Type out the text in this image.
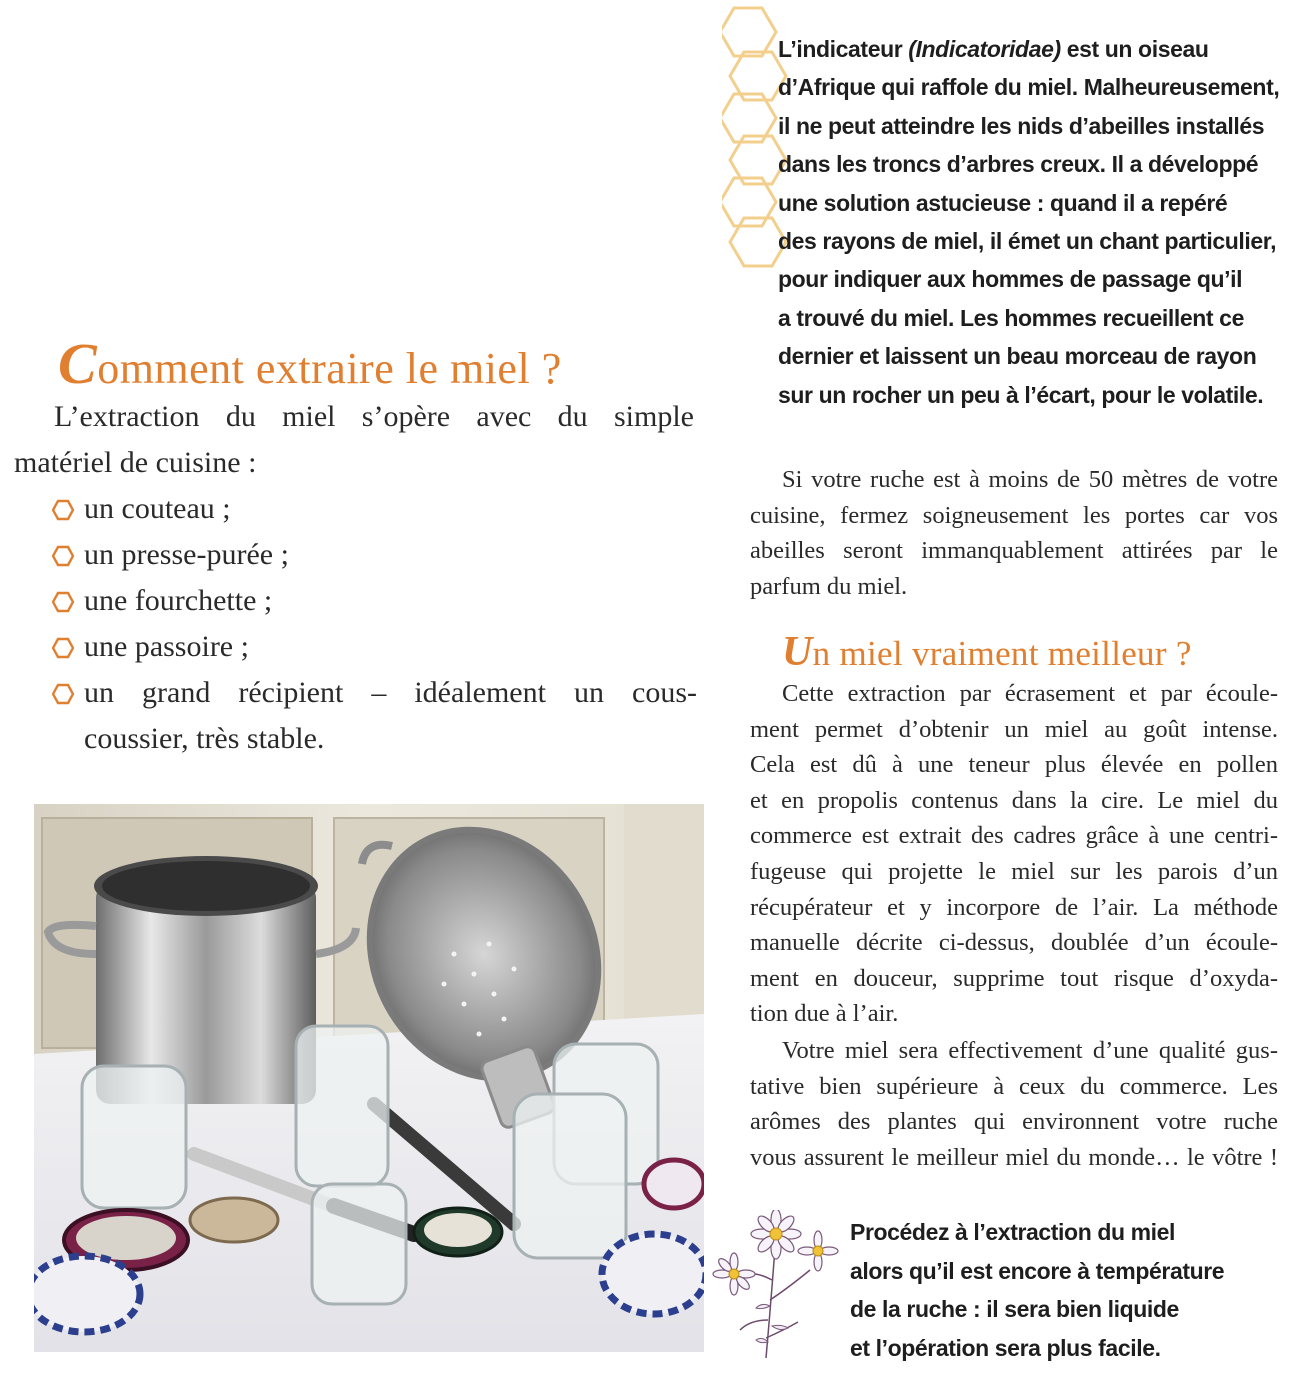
L’indicateur (Indicatoridae) est un oiseau
d’Afrique qui raffole du miel. Malheureusement,
il ne peut atteindre les nids d’abeilles installés
dans les troncs d’arbres creux. Il a développé
une solution astucieuse : quand il a repéré
des rayons de miel, il émet un chant particulier,
pour indiquer aux hommes de passage qu’il
a trouvé du miel. Les hommes recueillent ce
dernier et laissent un beau morceau de rayon
sur un rocher un peu à l’écart, pour le volatile.
Comment extraire le miel ?
L’extraction du miel s’opère avec du simple
matériel de cuisine :
un couteau ;
un presse-purée ;
une fourchette ;
une passoire ;
un grand récipient – idéalement un cous-
coussier, très stable.
Si votre ruche est à moins de 50 mètres de votre
cuisine, fermez soigneusement les portes car vos
abeilles seront immanquablement attirées par le
parfum du miel.
Un miel vraiment meilleur ?
Cette extraction par écrasement et par écoule-
ment permet d’obtenir un miel au goût intense.
Cela est dû à une teneur plus élevée en pollen
et en propolis contenus dans la cire. Le miel du
commerce est extrait des cadres grâce à une centri-
fugeuse qui projette le miel sur les parois d’un
récupérateur et y incorpore de l’air. La méthode
manuelle décrite ci-dessus, doublée d’un écoule-
ment en douceur, supprime tout risque d’oxyda-
tion due à l’air.
Votre miel sera effectivement d’une qualité gus-
tative bien supérieure à ceux du commerce. Les
arômes des plantes qui environnent votre ruche
vous assurent le meilleur miel du monde… le vôtre !
Procédez à l’extraction du miel
alors qu’il est encore à température
de la ruche : il sera bien liquide
et l’opération sera plus facile.
